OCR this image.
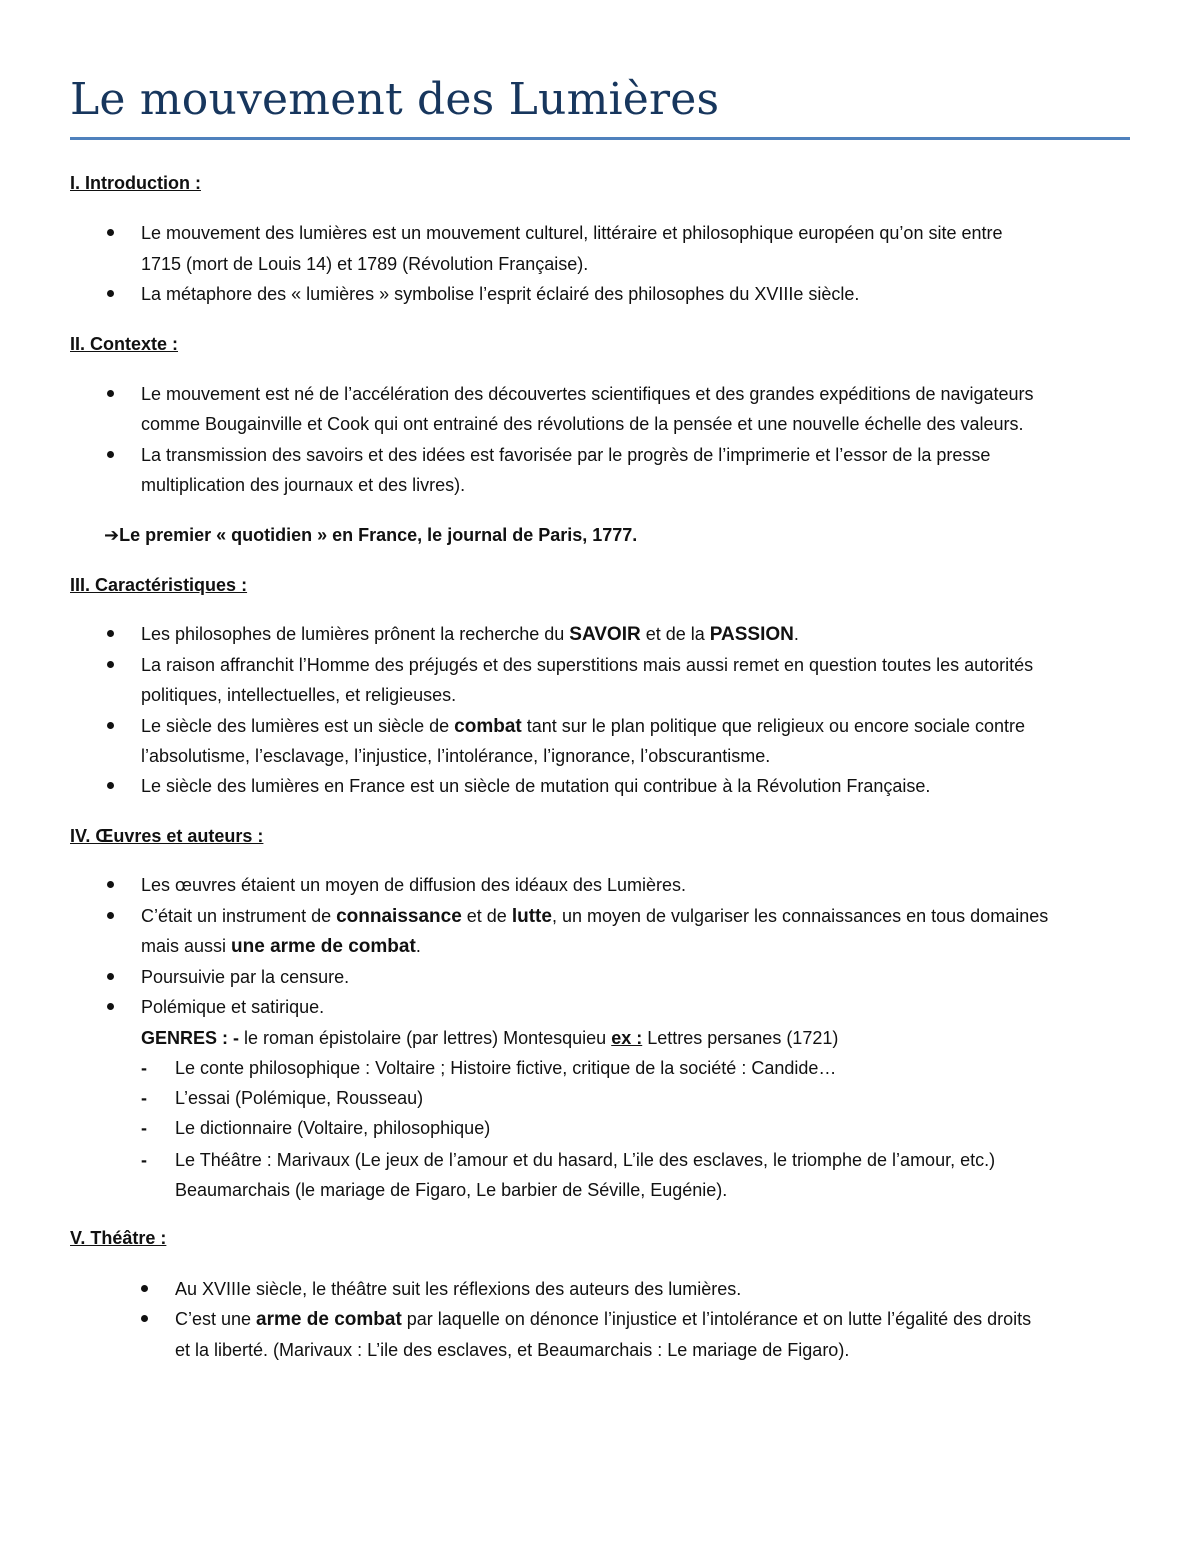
Le mouvement des Lumières
I. Introduction :
Le mouvement des lumières est un mouvement culturel, littéraire et philosophique européen qu’on site entre
1715 (mort de Louis 14) et 1789 (Révolution Française).
La métaphore des « lumières » symbolise l’esprit éclairé des philosophes du XVIIIe siècle.
II. Contexte :
Le mouvement est né de l’accélération des découvertes scientifiques et des grandes expéditions de navigateurs
comme Bougainville et Cook qui ont entrainé des révolutions de la pensée et une nouvelle échelle des valeurs.
La transmission des savoirs et des idées est favorisée par le progrès de l’imprimerie et l’essor de la presse
multiplication des journaux et des livres).
➔Le premier « quotidien » en France, le journal de Paris, 1777.
III. Caractéristiques :
Les philosophes de lumières prônent la recherche du SAVOIR et de la PASSION.
La raison affranchit l’Homme des préjugés et des superstitions mais aussi remet en question toutes les autorités
politiques, intellectuelles, et religieuses.
Le siècle des lumières est un siècle de combat tant sur le plan politique que religieux ou encore sociale contre
l’absolutisme, l’esclavage, l’injustice, l’intolérance, l’ignorance, l’obscurantisme.
Le siècle des lumières en France est un siècle de mutation qui contribue à la Révolution Française.
IV. Œuvres et auteurs :
Les œuvres étaient un moyen de diffusion des idéaux des Lumières.
C’était un instrument de connaissance et de lutte, un moyen de vulgariser les connaissances en tous domaines
mais aussi une arme de combat.
Poursuivie par la censure.
Polémique et satirique.
GENRES : - le roman épistolaire (par lettres) Montesquieu ex : Lettres persanes (1721)
- Le conte philosophique : Voltaire ; Histoire fictive, critique de la société : Candide…
- L’essai (Polémique, Rousseau)
- Le dictionnaire (Voltaire, philosophique)
- Le Théâtre : Marivaux (Le jeux de l’amour et du hasard, L’ile des esclaves, le triomphe de l’amour, etc.)
Beaumarchais (le mariage de Figaro, Le barbier de Séville, Eugénie).
V. Théâtre :
Au XVIIIe siècle, le théâtre suit les réflexions des auteurs des lumières.
C’est une arme de combat par laquelle on dénonce l’injustice et l’intolérance et on lutte l’égalité des droits
et la liberté. (Marivaux : L’ile des esclaves, et Beaumarchais : Le mariage de Figaro).
